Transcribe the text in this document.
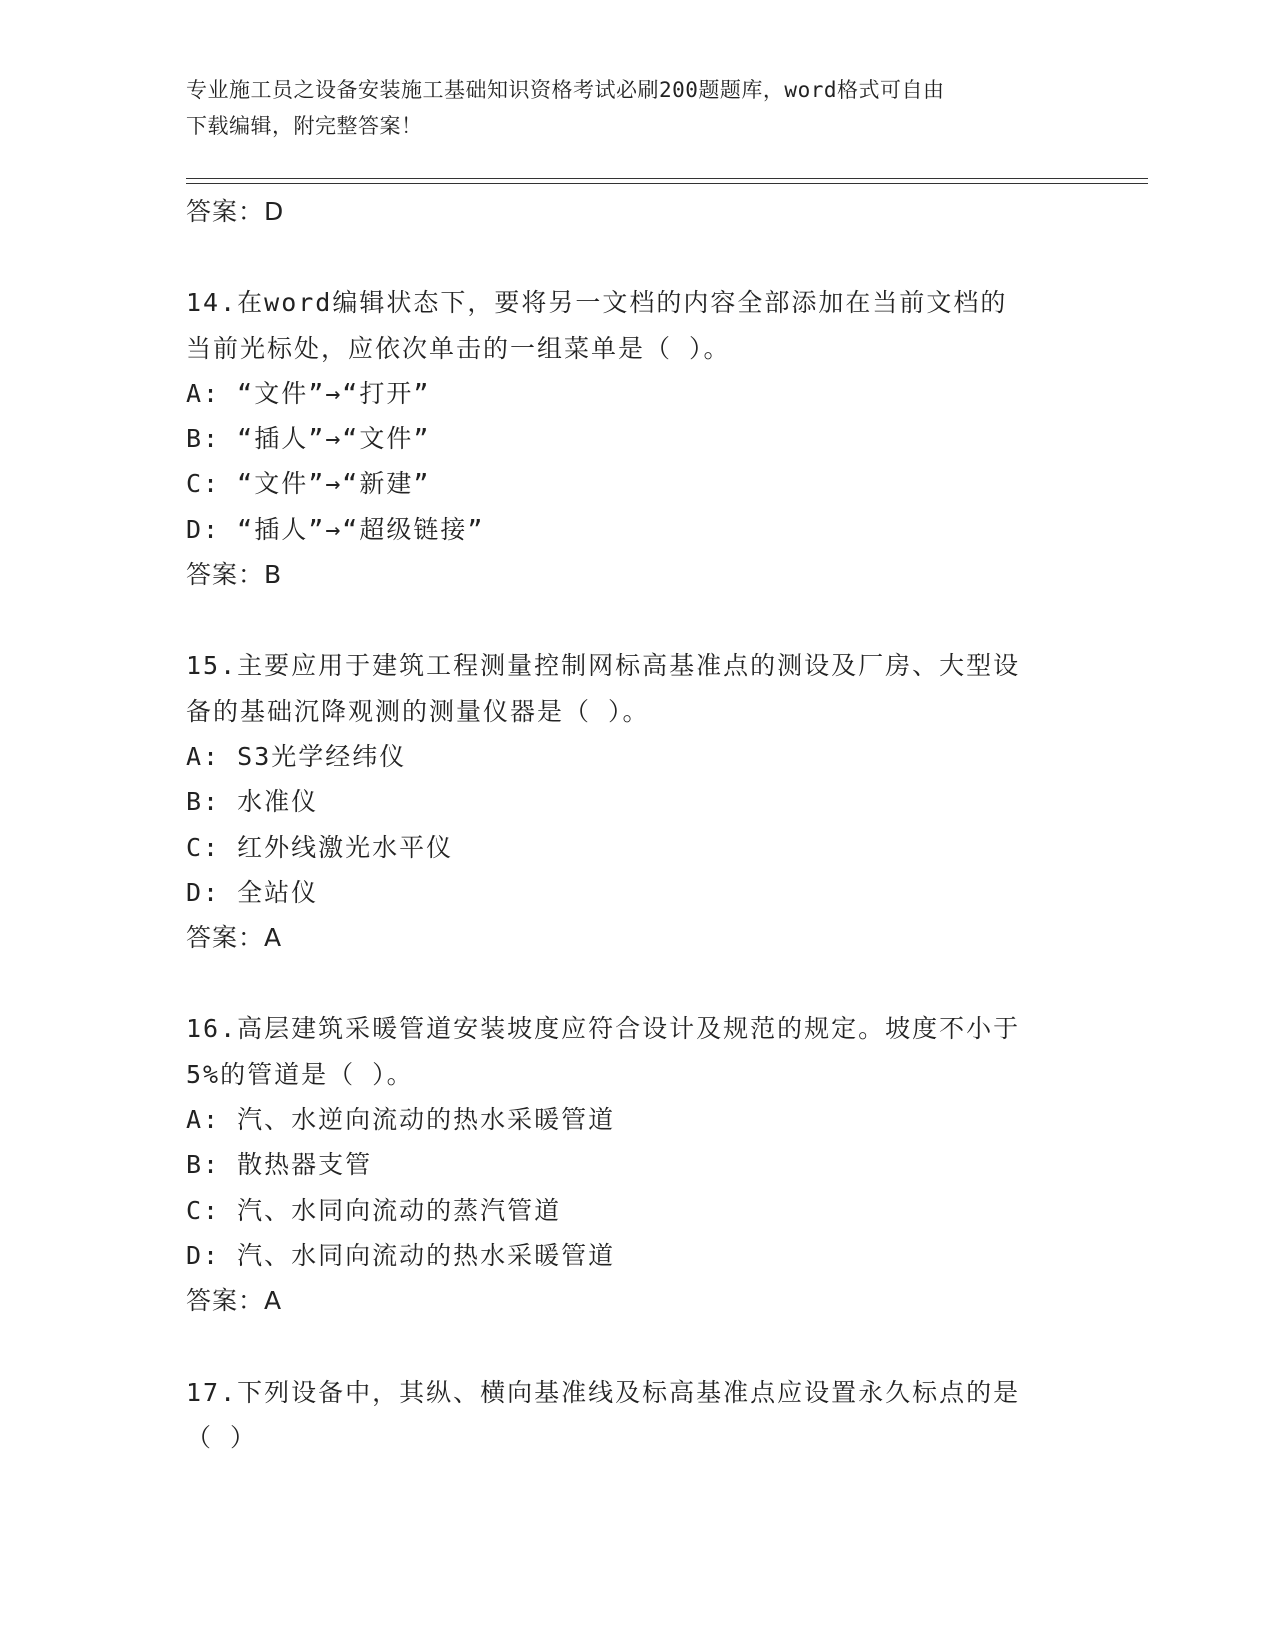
专业施工员之设备安装施工基础知识资格考试必刷200题题库，word格式可自由
下载编辑，附完整答案！
答案：D
14.在word编辑状态下，要将另一文档的内容全部添加在当前文档的
当前光标处，应依次单击的一组菜单是（ ）。
A: “文件”→“打开”
B: “插人”→“文件”
C: “文件”→“新建”
D: “插人”→“超级链接”
答案：B
15.主要应用于建筑工程测量控制网标高基准点的测设及厂房、大型设
备的基础沉降观测的测量仪器是（ ）。
A: S3光学经纬仪
B: 水准仪
C: 红外线激光水平仪
D: 全站仪
答案：A
16.高层建筑采暖管道安装坡度应符合设计及规范的规定。坡度不小于
5%的管道是（ ）。
A: 汽、水逆向流动的热水采暖管道
B: 散热器支管
C: 汽、水同向流动的蒸汽管道
D: 汽、水同向流动的热水采暖管道
答案：A
17.下列设备中，其纵、横向基准线及标高基准点应设置永久标点的是
（ ）
